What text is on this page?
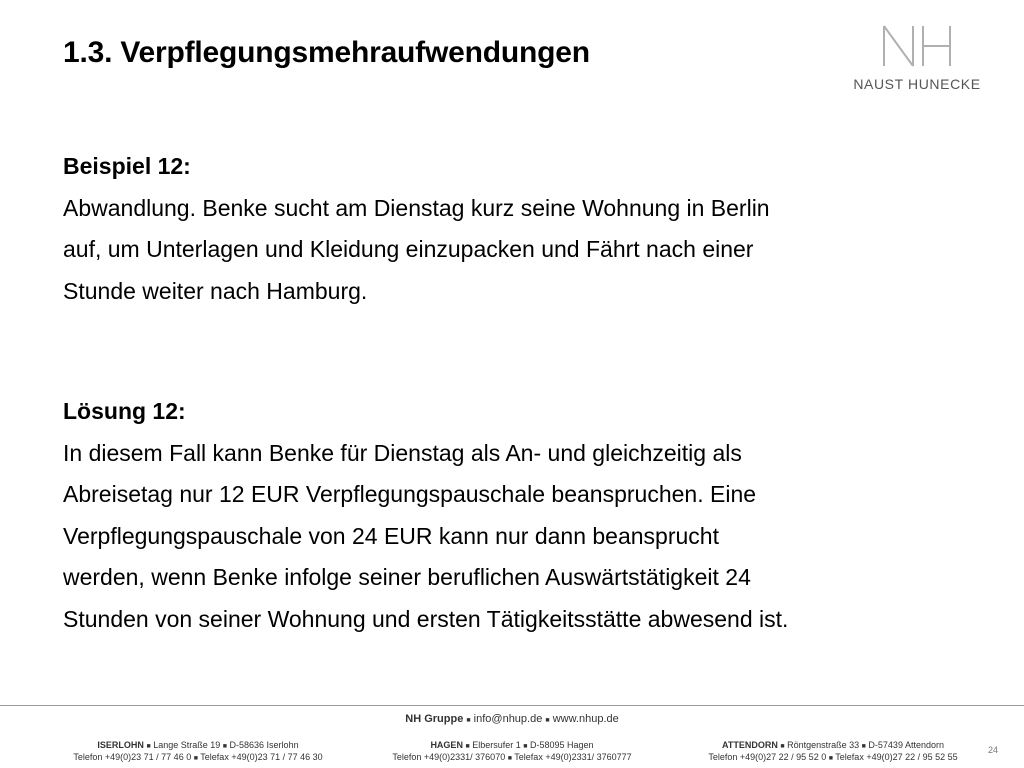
1.3. Verpflegungsmehraufwendungen
NAUST HUNECKE
Beispiel 12:
Abwandlung. Benke sucht am Dienstag kurz seine Wohnung in Berlin
auf, um Unterlagen und Kleidung einzupacken und Fährt nach einer
Stunde weiter nach Hamburg.
Lösung 12:
In diesem Fall kann Benke für Dienstag als An- und gleichzeitig als
Abreisetag nur 12 EUR Verpflegungspauschale beanspruchen. Eine
Verpflegungspauschale von 24 EUR kann nur dann beansprucht
werden, wenn Benke infolge seiner beruflichen Auswärtstätigkeit 24
Stunden von seiner Wohnung und ersten Tätigkeitsstätte abwesend ist.
NH Gruppe ■ info@nhup.de ■ www.nhup.de
ISERLOHN ■ Lange Straße 19 ■ D-58636 Iserlohn
Telefon +49(0)23 71 / 77 46 0 ■ Telefax +49(0)23 71 / 77 46 30
HAGEN ■ Elbersufer 1 ■ D-58095 Hagen
Telefon +49(0)2331/ 376070 ■ Telefax +49(0)2331/ 3760777
ATTENDORN ■ Röntgenstraße 33 ■ D-57439 Attendorn
Telefon +49(0)27 22 / 95 52 0 ■ Telefax +49(0)27 22 / 95 52 55
24
